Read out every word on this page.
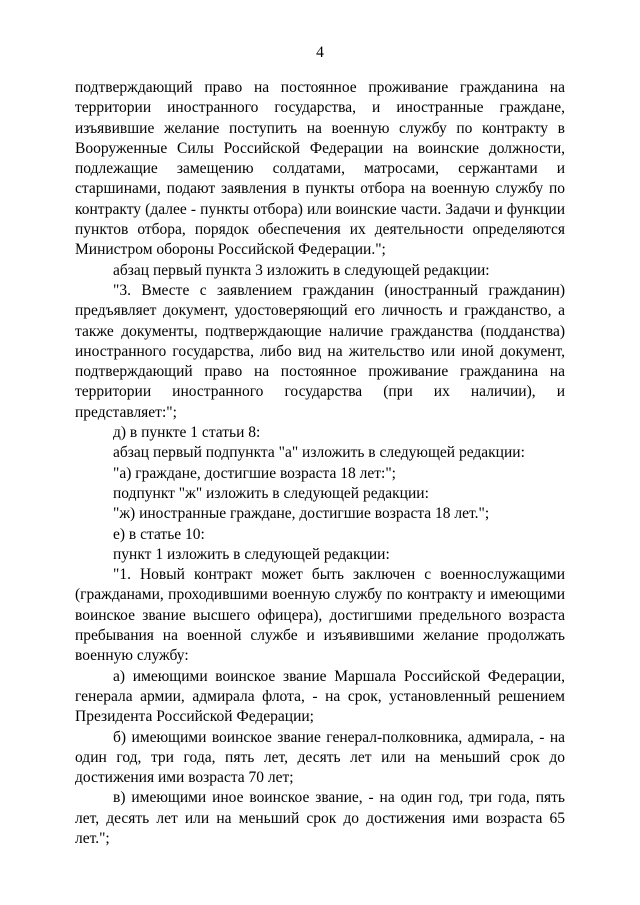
4

подтверждающий право на постоянное проживание гражданина на территории иностранного государства, и иностранные граждане, изъявившие желание поступить на военную службу по контракту в Вооруженные Силы Российской Федерации на воинские должности, подлежащие замещению солдатами, матросами, сержантами и старшинами, подают заявления в пункты отбора на военную службу по контракту (далее - пункты отбора) или воинские части. Задачи и функции пунктов отбора, порядок обеспечения их деятельности определяются Министром обороны Российской Федерации.";

абзац первый пункта 3 изложить в следующей редакции:

"3. Вместе с заявлением гражданин (иностранный гражданин) предъявляет документ, удостоверяющий его личность и гражданство, а также документы, подтверждающие наличие гражданства (подданства) иностранного государства, либо вид на жительство или иной документ, подтверждающий право на постоянное проживание гражданина на территории иностранного государства (при их наличии), и представляет:";

д) в пункте 1 статьи 8:

абзац первый подпункта "а" изложить в следующей редакции:

"а) граждане, достигшие возраста 18 лет:";

подпункт "ж" изложить в следующей редакции:

"ж) иностранные граждане, достигшие возраста 18 лет.";

е) в статье 10:

пункт 1 изложить в следующей редакции:

"1. Новый контракт может быть заключен с военнослужащими (гражданами, проходившими военную службу по контракту и имеющими воинское звание высшего офицера), достигшими предельного возраста пребывания на военной службе и изъявившими желание продолжать военную службу:

а) имеющими воинское звание Маршала Российской Федерации, генерала армии, адмирала флота, - на срок, установленный решением Президента Российской Федерации;

б) имеющими воинское звание генерал-полковника, адмирала, - на один год, три года, пять лет, десять лет или на меньший срок до достижения ими возраста 70 лет;

в) имеющими иное воинское звание, - на один год, три года, пять лет, десять лет или на меньший срок до достижения ими возраста 65 лет.";
